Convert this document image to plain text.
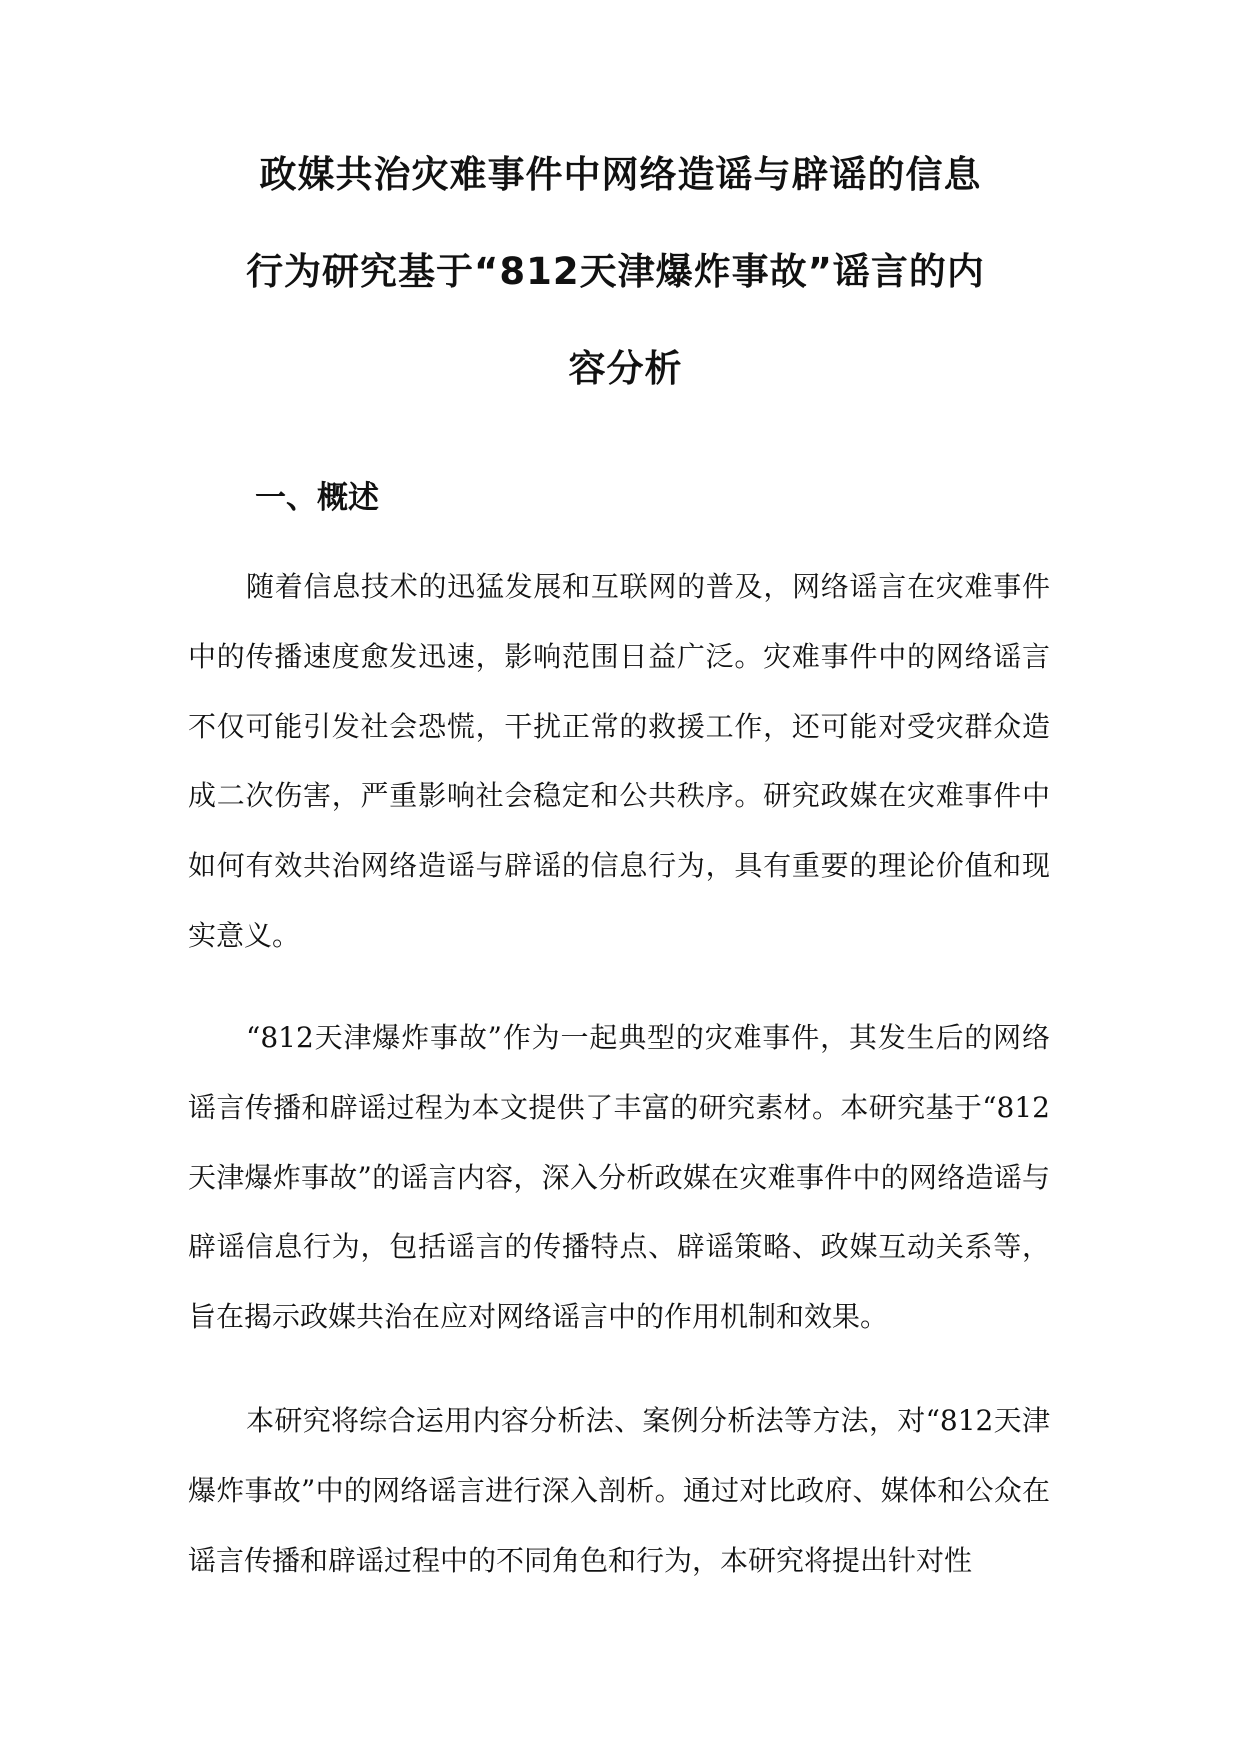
政媒共治灾难事件中网络造谣与辟谣的信息
行为研究基于“812天津爆炸事故”谣言的内
容分析
一、概述

随着信息技术的迅猛发展和互联网的普及，网络谣言在灾难事件中的传播速度愈发迅速，影响范围日益广泛。灾难事件中的网络谣言不仅可能引发社会恐慌，干扰正常的救援工作，还可能对受灾群众造成二次伤害，严重影响社会稳定和公共秩序。研究政媒在灾难事件中如何有效共治网络造谣与辟谣的信息行为，具有重要的理论价值和现实意义。

“812天津爆炸事故”作为一起典型的灾难事件，其发生后的网络谣言传播和辟谣过程为本文提供了丰富的研究素材。本研究基于“812天津爆炸事故”的谣言内容，深入分析政媒在灾难事件中的网络造谣与辟谣信息行为，包括谣言的传播特点、辟谣策略、政媒互动关系等，旨在揭示政媒共治在应对网络谣言中的作用机制和效果。

本研究将综合运用内容分析法、案例分析法等方法，对“812天津爆炸事故”中的网络谣言进行深入剖析。通过对比政府、媒体和公众在谣言传播和辟谣过程中的不同角色和行为，本研究将提出针对性
